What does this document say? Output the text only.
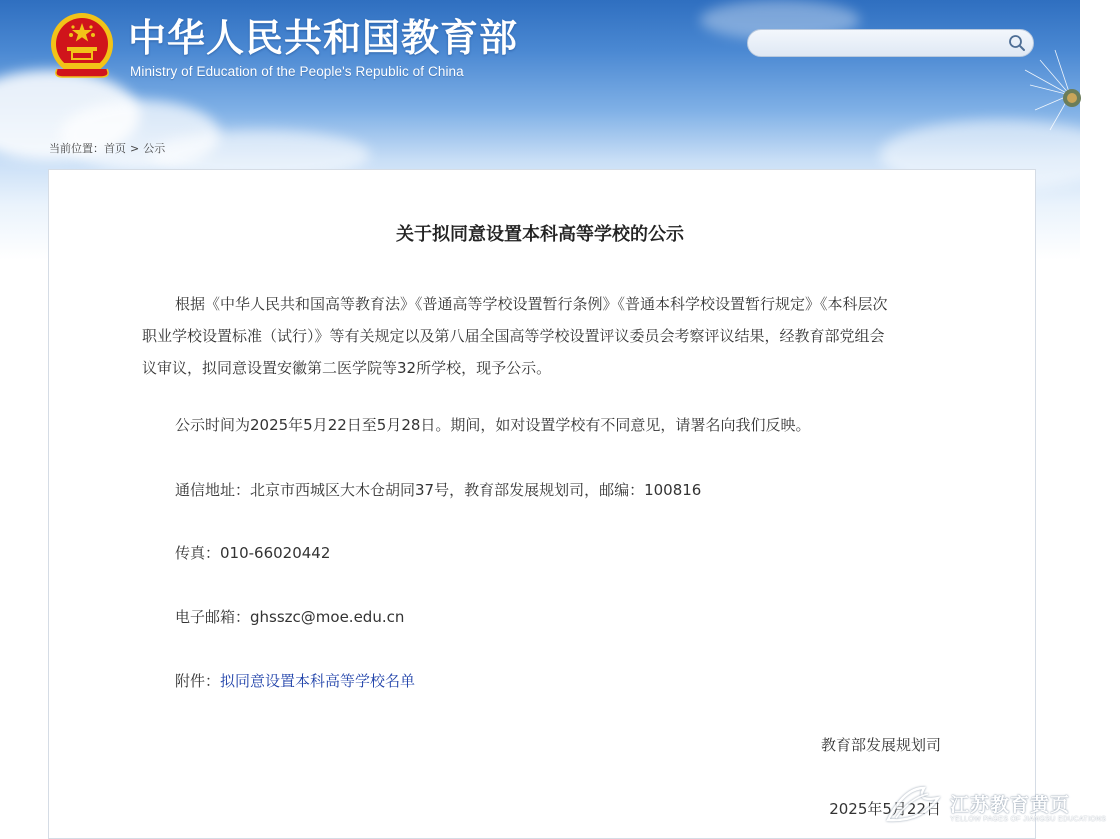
中华人民共和国教育部
Ministry of Education of the People's Republic of China
当前位置：首页 > 公示
关于拟同意设置本科高等学校的公示
根据《中华人民共和国高等教育法》《普通高等学校设置暂行条例》《普通本科学校设置暂行规定》《本科层次
职业学校设置标准（试行）》等有关规定以及第八届全国高等学校设置评议委员会考察评议结果，经教育部党组会
议审议，拟同意设置安徽第二医学院等32所学校，现予公示。
公示时间为2025年5月22日至5月28日。期间，如对设置学校有不同意见，请署名向我们反映。
通信地址：北京市西城区大木仓胡同37号，教育部发展规划司，邮编：100816
传真：010-66020442
电子邮箱：ghsszc@moe.edu.cn
附件：拟同意设置本科高等学校名单
教育部发展规划司
2025年5月22日 江苏教育黄页
YELLOW PAGES OF JIANGSU EDUCATIONS
